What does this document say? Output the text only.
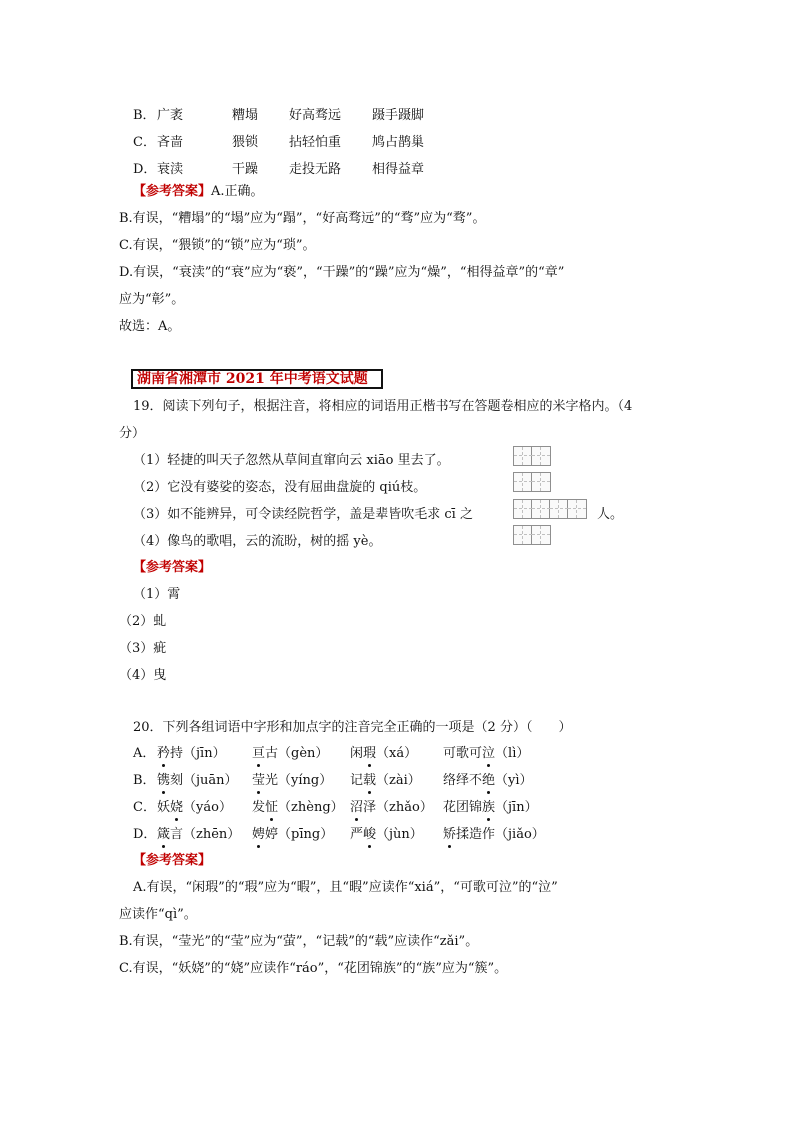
B． 广袤	糟塌 好高骛远 蹑手蹑脚
C． 吝啬	猥锁 拈轻怕重 鸠占鹊巢
D． 衰渎	干躁 走投无路 相得益章
【参考答案】A.正确。
B.有误，“糟塌”的“塌”应为“蹋”，“好高骛远”的“骛”应为“骛”。
C.有误，“猥锁”的“锁”应为“琐”。
D.有误，“衰渎”的“衰”应为“亵”，“干躁”的“躁”应为“燥”，“相得益章”的“章”
应为“彰”。
故选：A。
湖南省湘潭市 2021 年中考语文试题
19．阅读下列句子，根据注音，将相应的词语用正楷书写在答题卷相应的米字格内。（4
分）
（1）轻捷的叫天子忽然从草间直窜向云 xiāo 里去了。
（2）它没有婆娑的姿态，没有屈曲盘旋的 qiú枝。
（3）如不能辨异，可令读经院哲学，盖是辈皆吹毛求 cī 之	人。
（4）像鸟的歌唱，云的流盼，树的摇 yè。
【参考答案】
（1）霄
（2）虬
（3）疵
（4）曳
20．下列各组词语中字形和加点字的注音完全正确的一项是（2 分）（　　）
A． 矜持（jīn） 亘古（gèn） 闲瑕（xá） 可歌可泣（lì）
B． 镌刻（juān） 莹光（yíng） 记载（zài） 络绎不绝（yì）
C． 妖娆（yáo） 发怔（zhèng） 沼泽（zhǎo） 花团锦族（jīn）
D． 箴言（zhēn） 娉婷（pīng） 严峻（jùn） 矫揉造作（jiǎo）
【参考答案】
A.有误，“闲瑕”的“瑕”应为“暇”，且“暇”应读作“xiá”，“可歌可泣”的“泣”
应读作“qì”。
B.有误，“莹光”的“莹”应为“萤”，“记载”的“载”应读作“zǎi”。
C.有误，“妖娆”的“娆”应读作“ráo”，“花团锦族”的“族”应为“簇”。
